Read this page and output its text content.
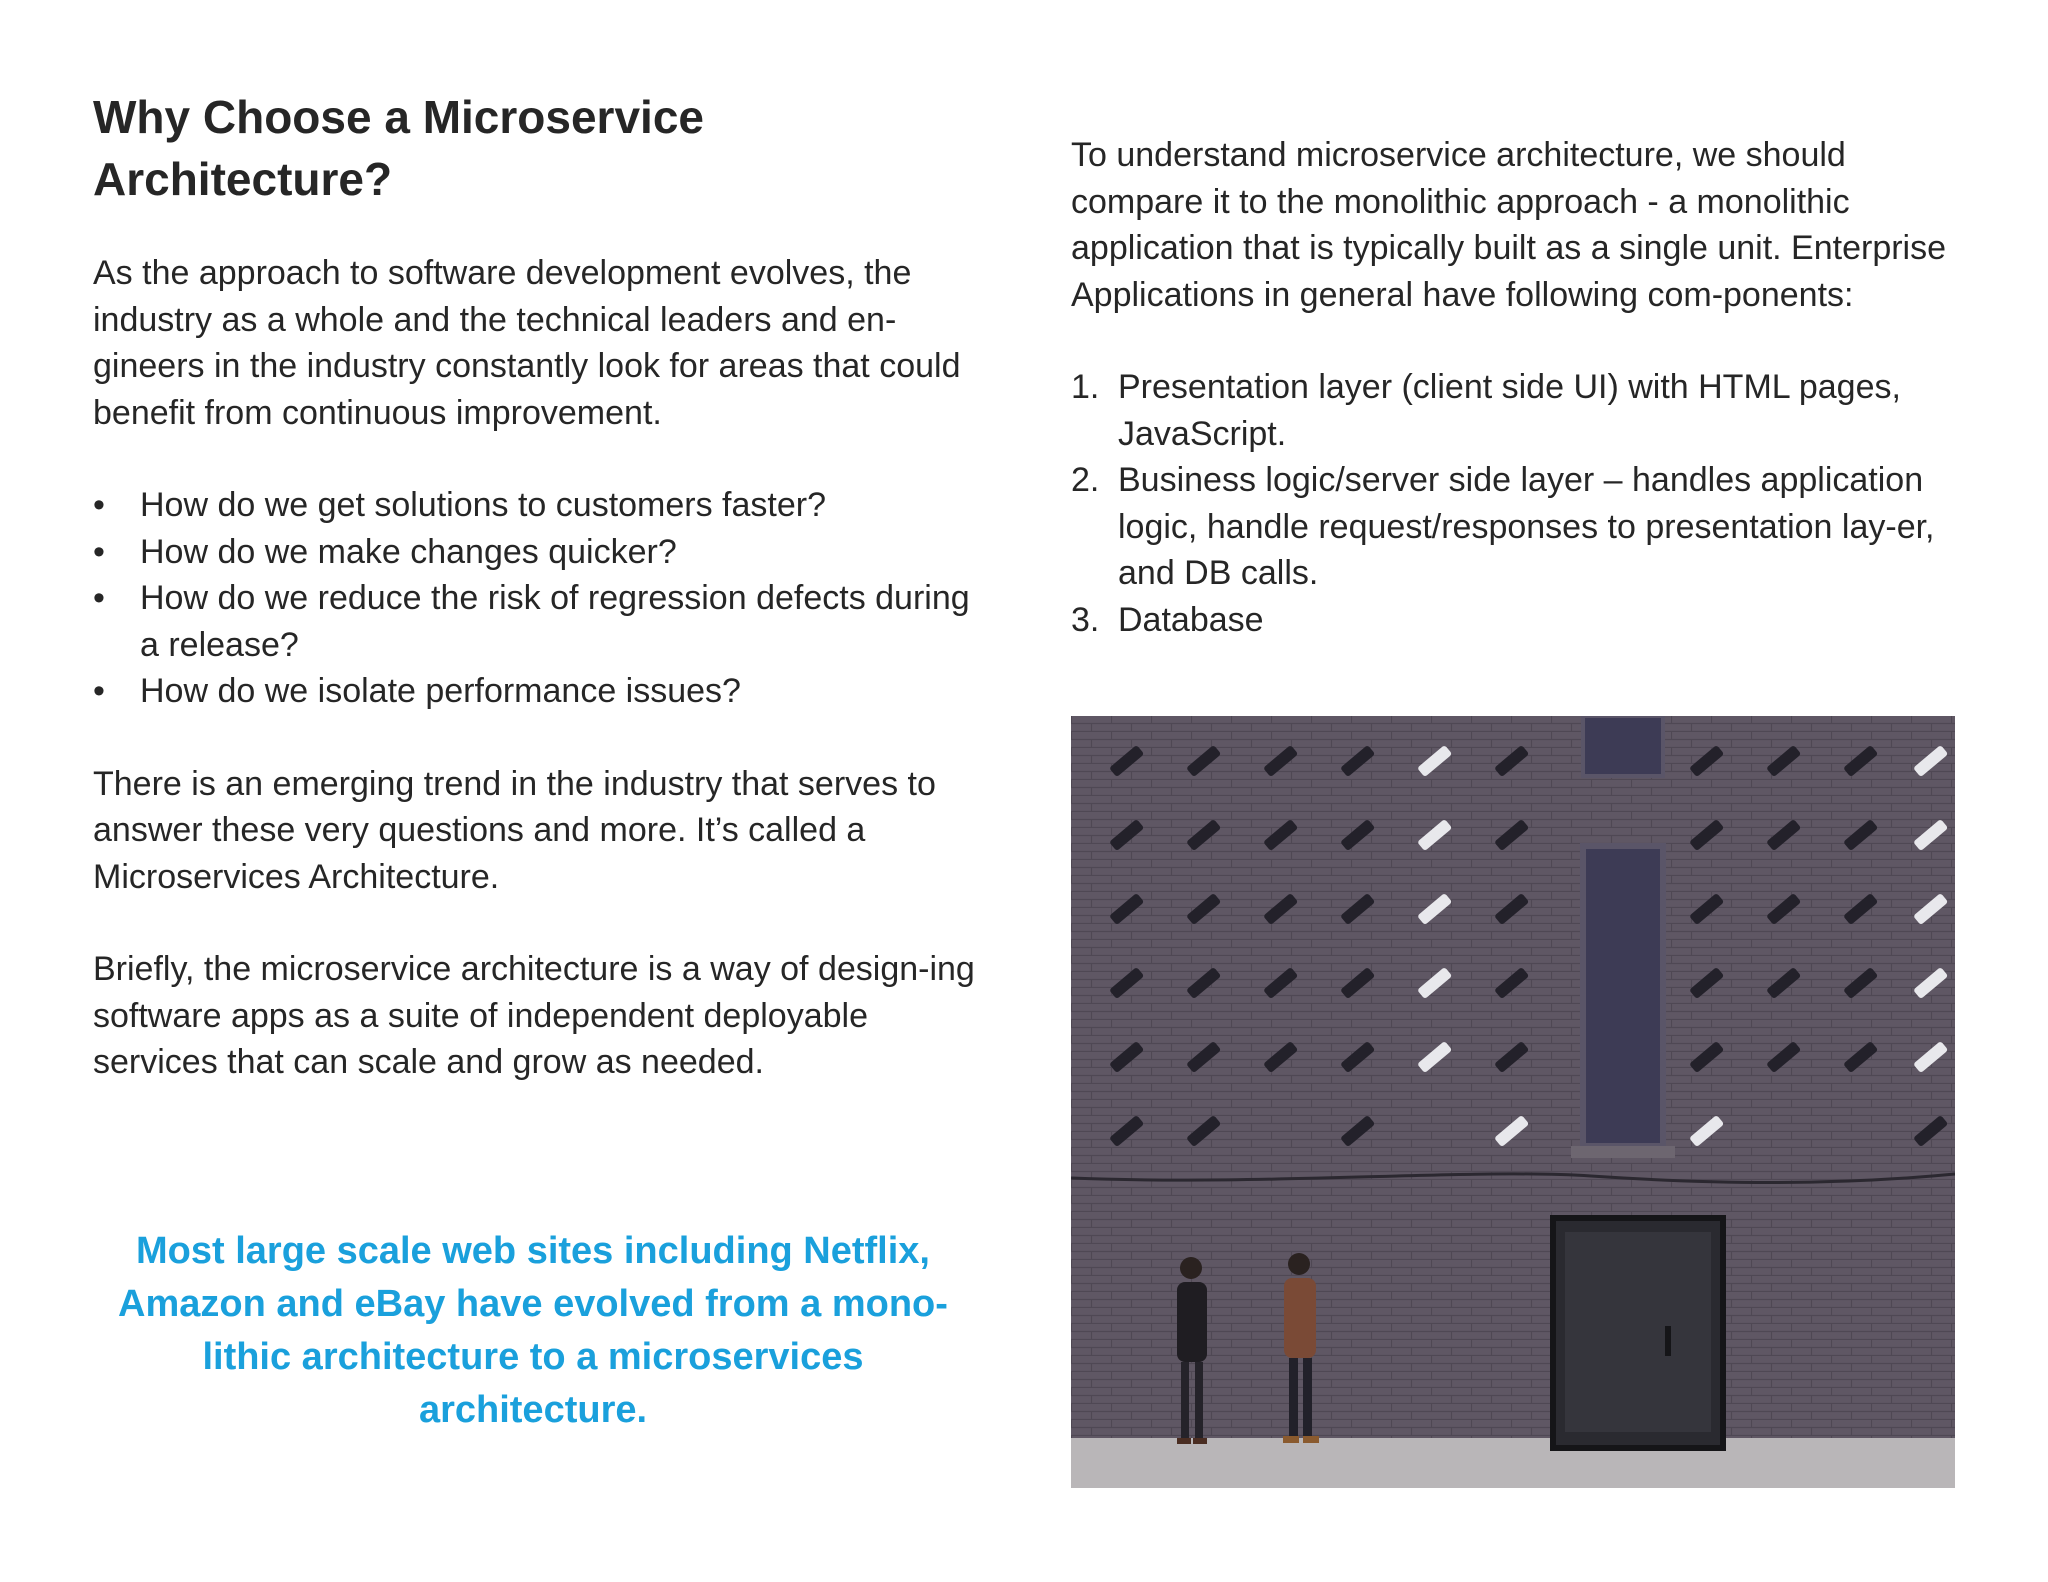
Why Choose a Microservice Architecture?

As the approach to software development evolves, the industry as a whole and the technical leaders and en-gineers in the industry constantly look for areas that could benefit from continuous improvement.

• How do we get solutions to customers faster?
• How do we make changes quicker?
• How do we reduce the risk of regression defects during a release?
• How do we isolate performance issues?

There is an emerging trend in the industry that serves to answer these very questions and more. It’s called a Microservices Architecture.

Briefly, the microservice architecture is a way of design-ing software apps as a suite of independent deployable services that can scale and grow as needed.

Most large scale web sites including Netflix, Amazon and eBay have evolved from a mono-lithic architecture to a microservices architecture.

To understand microservice architecture, we should compare it to the monolithic approach - a monolithic application that is typically built as a single unit. Enterprise Applications in general have following com-ponents:

1. Presentation layer (client side UI) with HTML pages, JavaScript.
2. Business logic/server side layer – handles application logic, handle request/responses to presentation lay-er, and DB calls.
3. Database
